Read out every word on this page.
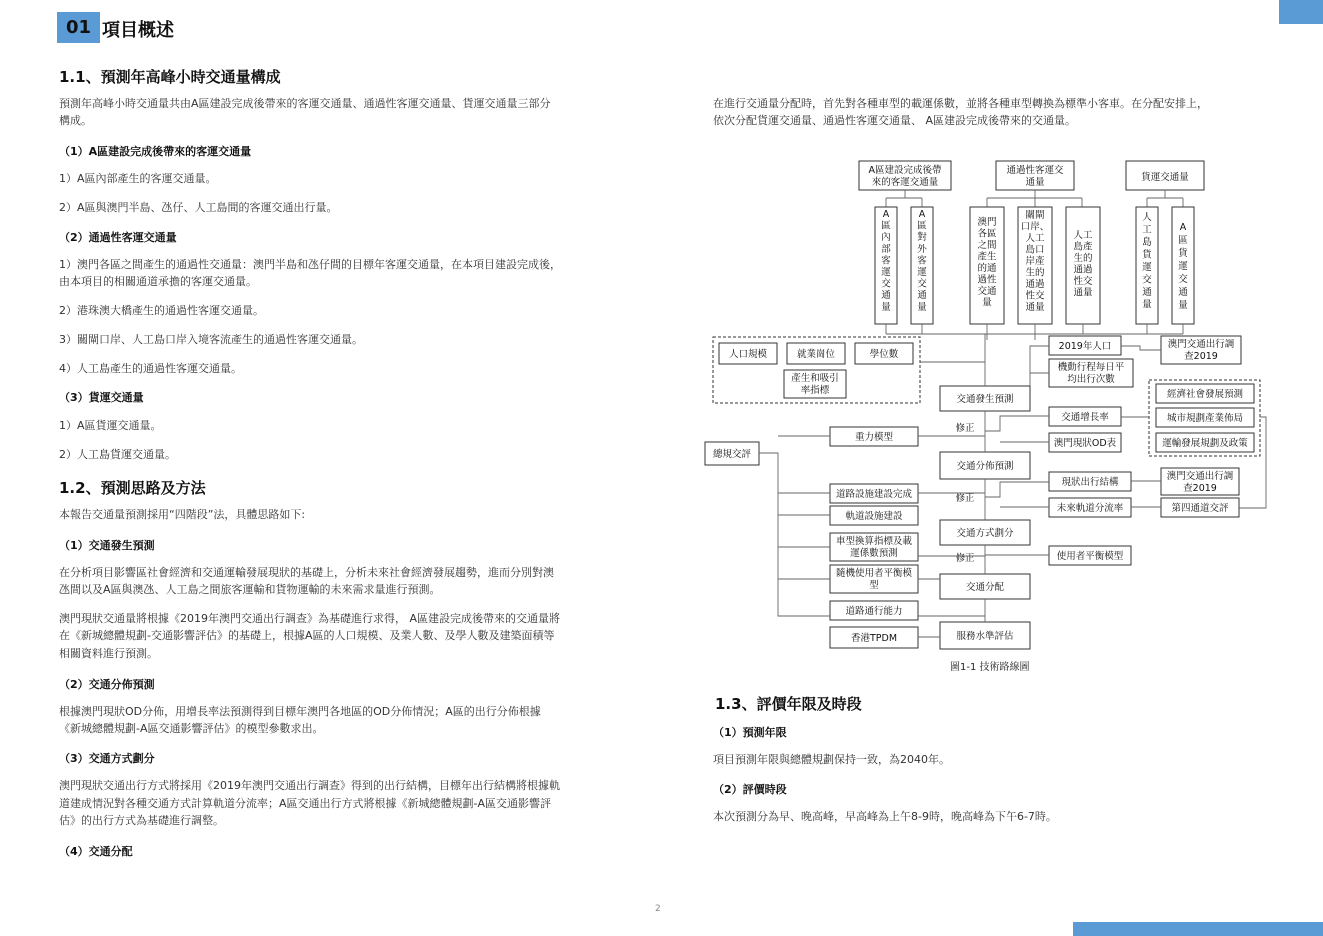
01 項目概述
1.1、預測年高峰小時交通量構成
預測年高峰小時交通量共由A區建設完成後帶來的客運交通量、通過性客運交通量、貨運交通量三部分
構成。
（1）A區建設完成後帶來的客運交通量
1）A區內部產生的客運交通量。
2）A區與澳門半島、氹仔、人工島間的客運交通出行量。
（2）通過性客運交通量
1）澳門各區之間產生的通過性交通量：澳門半島和氹仔間的目標年客運交通量，在本項目建設完成後，
由本項目的相關通道承擔的客運交通量。
2）港珠澳大橋產生的通過性客運交通量。
3）關閘口岸、人工島口岸入境客流產生的通過性客運交通量。
4）人工島產生的通過性客運交通量。
（3）貨運交通量
1）A區貨運交通量。
2）人工島貨運交通量。
1.2、預測思路及方法
本報告交通量預測採用“四階段”法，具體思路如下:
（1）交通發生預測
在分析項目影響區社會經濟和交通運輸發展現狀的基礎上，分析未來社會經濟發展趨勢，進而分別對澳
氹間以及A區與澳氹、人工島之間旅客運輸和貨物運輸的未來需求量進行預測。
澳門現狀交通量將根據《2019年澳門交通出行調查》為基礎進行求得， A區建設完成後帶來的交通量將
在《新城總體規劃-交通影響評估》的基礎上，根據A區的人口規模、及業人數、及學人數及建築面積等
相關資料進行預測。
（2）交通分佈預測
根據澳門現狀OD分佈，用增長率法預測得到目標年澳門各地區的OD分佈情況；A區的出行分佈根據
《新城總體規劃-A區交通影響評估》的模型參數求出。
（3）交通方式劃分
澳門現狀交通出行方式將採用《2019年澳門交通出行調查》得到的出行結構，目標年出行結構將根據軌
道建成情況對各種交通方式計算軌道分流率；A區交通出行方式將根據《新城總體規劃-A區交通影響評
估》的出行方式為基礎進行調整。
（4）交通分配
在進行交通量分配時，首先對各種車型的載運係數，並將各種車型轉換為標準小客車。在分配安排上，
依次分配貨運交通量、通過性客運交通量、 A區建設完成後帶來的交通量。
A區建設完成後帶
來的客運交通量
通過性客運交
通量	貨運交通量
A 區內部客運交通量
A 區對外客運交通量
澳門各區之間產生的通過性交通量
關閘口岸、人工島口岸產生的通過性交通量
人工島產生的通過性交通量
人工島貨運交通量
A 區貨運交通量
人口規模	就業崗位	學位數
產生和吸引
率指標
2019年人口
機動行程每日平
均出行次數
澳門交通出行調
查2019
交通發生預測	經濟社會發展預測
交通增長率	城市規劃產業佈局
澳門現狀OD表	運輸發展規劃及政策
總規交評
重力模型
修正
交通分佈預測
現狀出行結構
澳門交通出行調
查2019
道路設施建設完成	修正
未來軌道分流率	第四通道交評
軌道設施建設
交通方式劃分
車型換算指標及載
運係數預測	修正	使用者平衡模型
隨機使用者平衡模
型	交通分配
道路通行能力
香港TPDM	服務水準評估
圖1-1 技術路線圖
1.3、評價年限及時段
（1）預測年限
項目預測年限與總體規劃保持一致，為2040年。
（2）評價時段
本次預測分為早、晚高峰，早高峰為上午8-9時，晚高峰為下午6-7時。
2
